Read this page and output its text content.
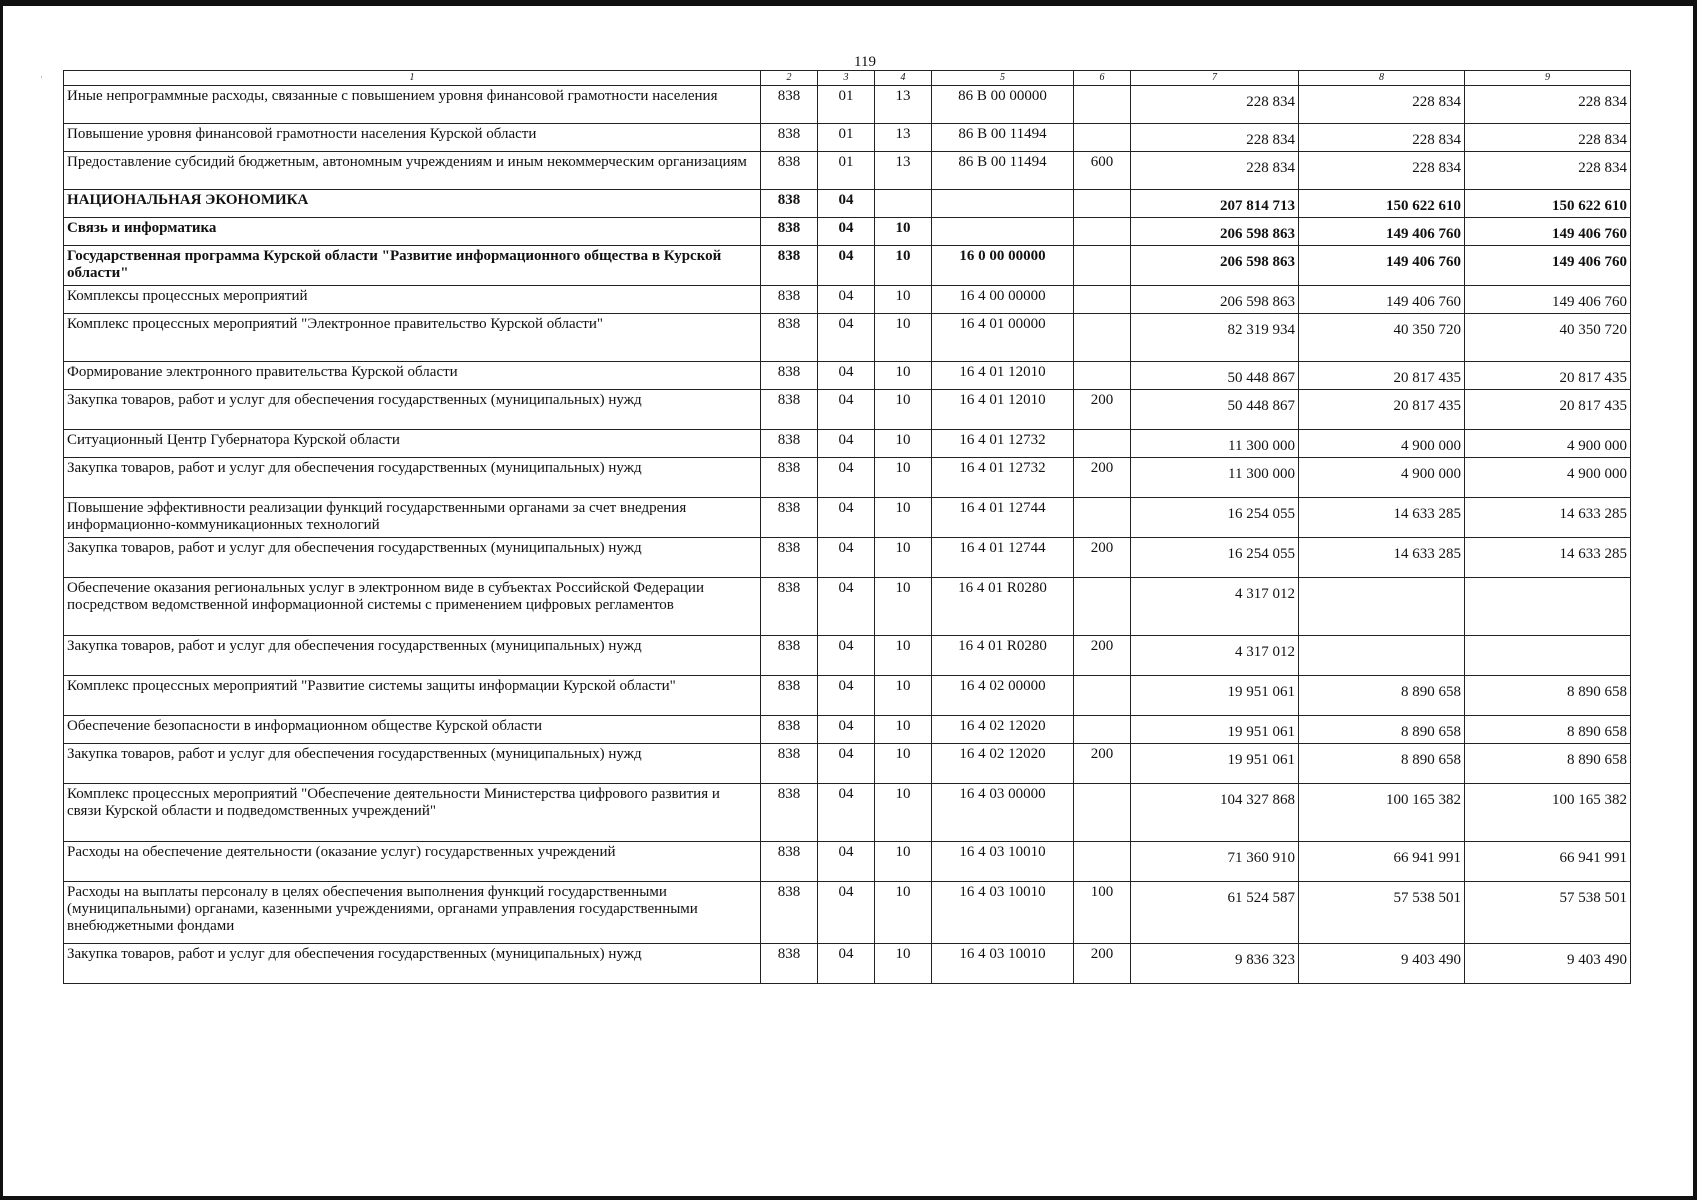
119
·	1	2	3	4	5	6	7	8	9
Иные непрограммные расходы, связанные с повышением уровня финансовой грамотности населения	838	01	13	86 В 00 00000		228 834	228 834	228 834
Повышение уровня финансовой грамотности населения Курской области	838	01	13	86 В 00 11494		228 834	228 834	228 834
Предоставление субсидий бюджетным, автономным учреждениям и иным некоммерческим организациям	838	01	13	86 В 00 11494	600	228 834	228 834	228 834
НАЦИОНАЛЬНАЯ ЭКОНОМИКА	838	04				207 814 713	150 622 610	150 622 610
Связь и информатика	838	04	10			206 598 863	149 406 760	149 406 760
Государственная программа Курской области "Развитие информационного общества в Курской области"	838	04	10	16 0 00 00000		206 598 863	149 406 760	149 406 760
Комплексы процессных мероприятий	838	04	10	16 4 00 00000		206 598 863	149 406 760	149 406 760
Комплекс процессных мероприятий "Электронное правительство Курской области"	838	04	10	16 4 01 00000		82 319 934	40 350 720	40 350 720
Формирование электронного правительства Курской области	838	04	10	16 4 01 12010		50 448 867	20 817 435	20 817 435
Закупка товаров, работ и услуг для обеспечения государственных (муниципальных) нужд	838	04	10	16 4 01 12010	200	50 448 867	20 817 435	20 817 435
Ситуационный Центр Губернатора Курской области	838	04	10	16 4 01 12732		11 300 000	4 900 000	4 900 000
Закупка товаров, работ и услуг для обеспечения государственных (муниципальных) нужд	838	04	10	16 4 01 12732	200	11 300 000	4 900 000	4 900 000
Повышение эффективности реализации функций государственными органами за счет внедрения информационно-коммуникационных технологий	838	04	10	16 4 01 12744		16 254 055	14 633 285	14 633 285
Закупка товаров, работ и услуг для обеспечения государственных (муниципальных) нужд	838	04	10	16 4 01 12744	200	16 254 055	14 633 285	14 633 285
Обеспечение оказания региональных услуг в электронном виде в субъектах Российской Федерации посредством ведомственной информационной системы с применением цифровых регламентов	838	04	10	16 4 01 R0280		4 317 012		
Закупка товаров, работ и услуг для обеспечения государственных (муниципальных) нужд	838	04	10	16 4 01 R0280	200	4 317 012		
Комплекс процессных мероприятий "Развитие системы защиты информации Курской области"	838	04	10	16 4 02 00000		19 951 061	8 890 658	8 890 658
Обеспечение безопасности в информационном обществе Курской области	838	04	10	16 4 02 12020		19 951 061	8 890 658	8 890 658
Закупка товаров, работ и услуг для обеспечения государственных (муниципальных) нужд	838	04	10	16 4 02 12020	200	19 951 061	8 890 658	8 890 658
Комплекс процессных мероприятий "Обеспечение деятельности Министерства цифрового развития и связи Курской области и подведомственных учреждений"	838	04	10	16 4 03 00000		104 327 868	100 165 382	100 165 382
Расходы на обеспечение деятельности (оказание услуг) государственных учреждений	838	04	10	16 4 03 10010		71 360 910	66 941 991	66 941 991
Расходы на выплаты персоналу в целях обеспечения выполнения функций государственными (муниципальными) органами, казенными учреждениями, органами управления государственными внебюджетными фондами	838	04	10	16 4 03 10010	100	61 524 587	57 538 501	57 538 501
Закупка товаров, работ и услуг для обеспечения государственных (муниципальных) нужд	838	04	10	16 4 03 10010	200	9 836 323	9 403 490	9 403 490
